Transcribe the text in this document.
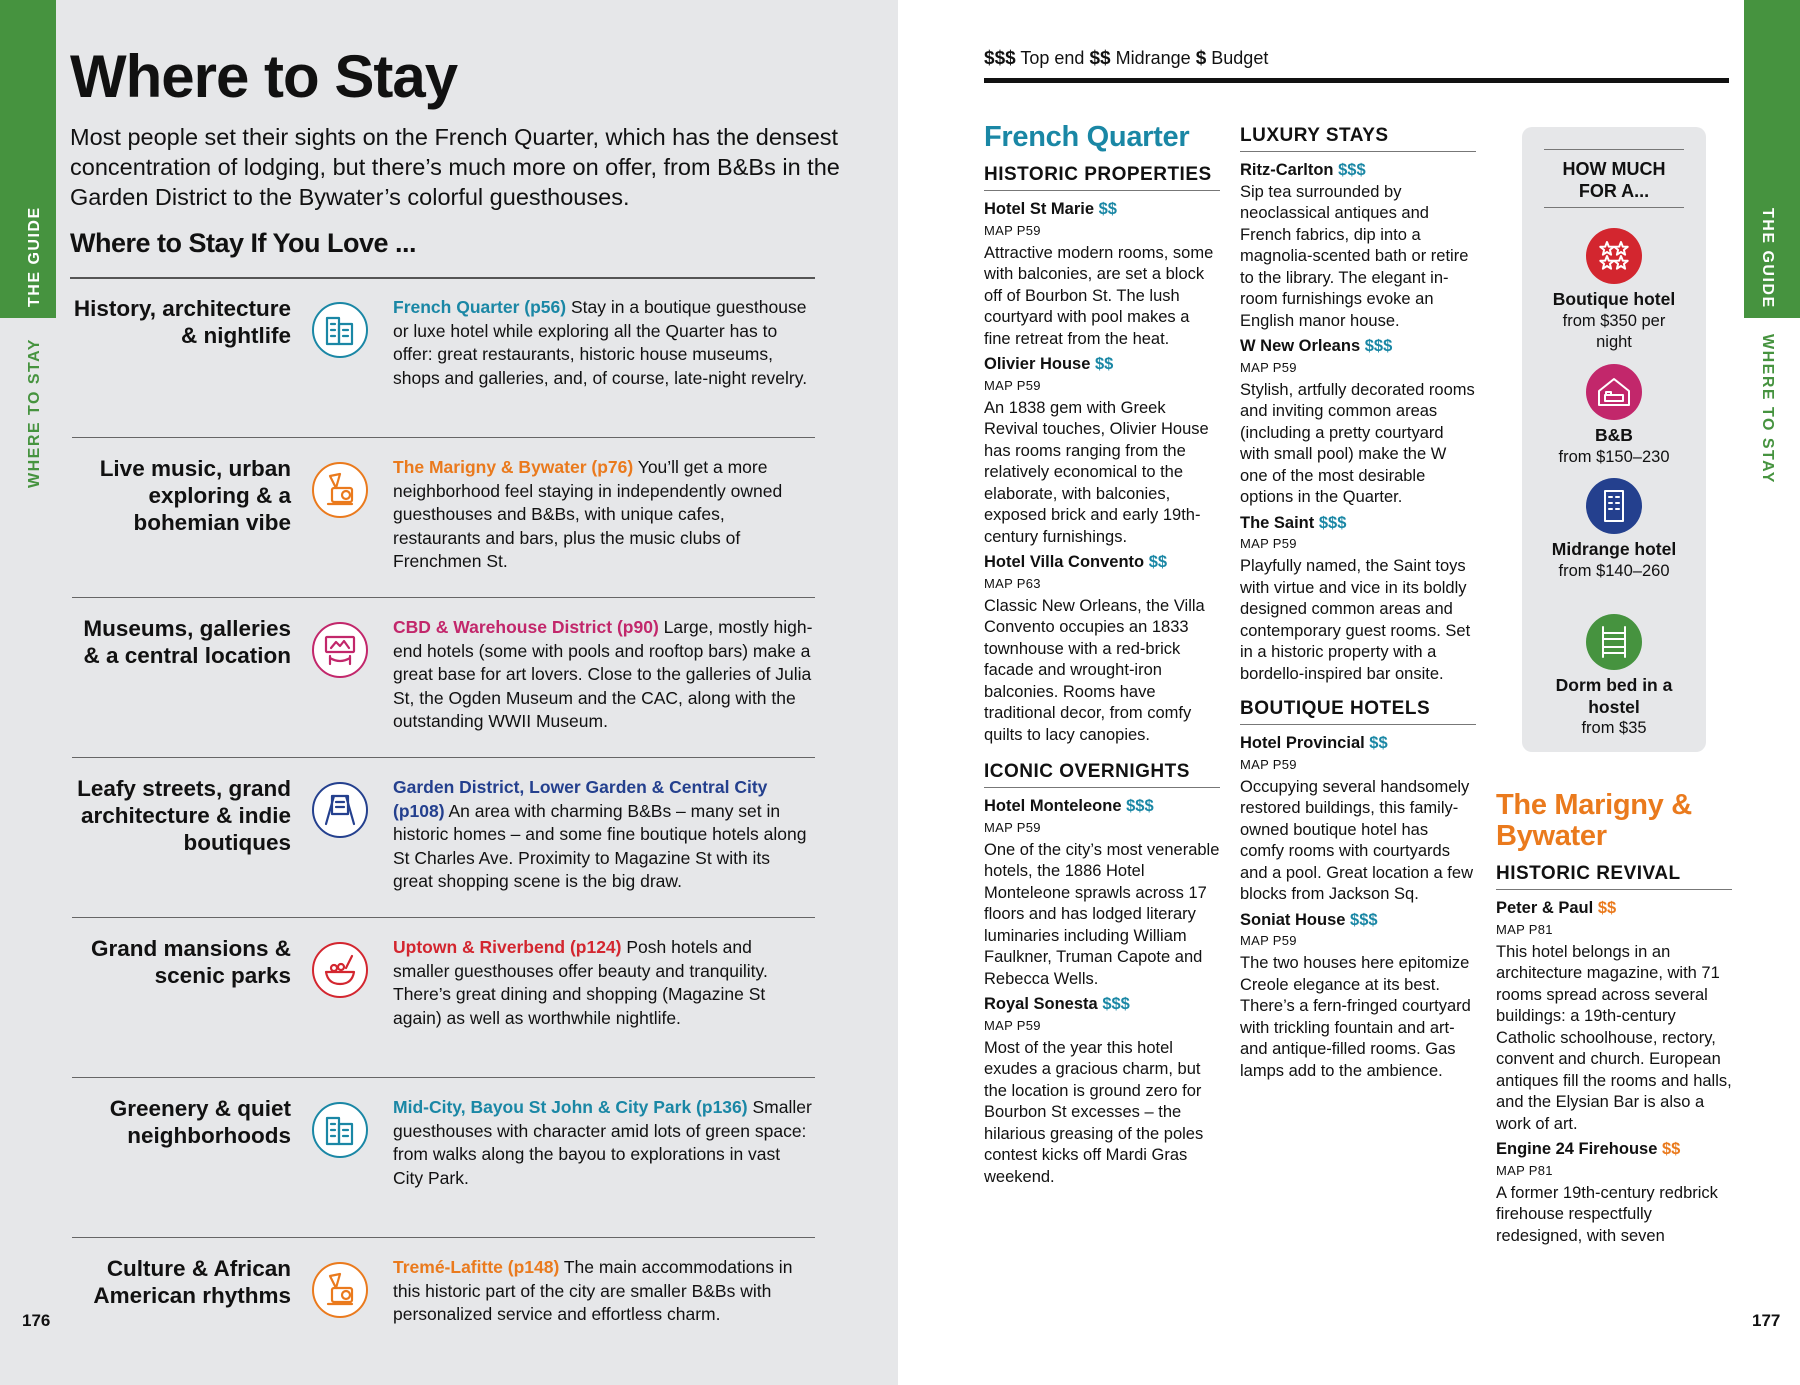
THE GUIDE
WHERE TO STAY
Where to Stay

Most people set their sights on the French Quarter, which has the densest concentration of lodging, but there’s much more on offer, from B&Bs in the Garden District to the Bywater’s colorful guesthouses.

Where to Stay If You Love ...
History, architecture & nightlife
French Quarter (p56) Stay in a boutique guesthouse or luxe hotel while exploring all the Quarter has to offer: great restaurants, historic house museums, shops and galleries, and, of course, late-night revelry.
Live music, urban exploring & a bohemian vibe
The Marigny & Bywater (p76) You’ll get a more neighborhood feel staying in independently owned guesthouses and B&Bs, with unique cafes, restaurants and bars, plus the music clubs of Frenchmen St.
Museums, galleries & a central location
CBD & Warehouse District (p90) Large, mostly high-end hotels (some with pools and rooftop bars) make a great base for art lovers. Close to the galleries of Julia St, the Ogden Museum and the CAC, along with the outstanding WWII Museum.
Leafy streets, grand architecture & indie boutiques
Garden District, Lower Garden & Central City (p108) An area with charming B&Bs – many set in historic homes – and some fine boutique hotels along St Charles Ave. Proximity to Magazine St with its great shopping scene is the big draw.
Grand mansions & scenic parks
Uptown & Riverbend (p124) Posh hotels and smaller guesthouses offer beauty and tranquility. There’s great dining and shopping (Magazine St again) as well as worthwhile nightlife.
Greenery & quiet neighborhoods
Mid-City, Bayou St John & City Park (p136) Smaller guesthouses with character amid lots of green space: from walks along the bayou to explorations in vast City Park.
Culture & African American rhythms
Tremé-Lafitte (p148) The main accommodations in this historic part of the city are smaller B&Bs with personalized service and effortless charm.
176
$$$ Top end $$ Midrange $ Budget
French Quarter
HISTORIC PROPERTIES
Hotel St Marie $$
MAP P59
Attractive modern rooms, some with balconies, are set a block off of Bourbon St. The lush courtyard with pool makes a fine retreat from the heat.
Olivier House $$
MAP P59
An 1838 gem with Greek Revival touches, Olivier House has rooms ranging from the relatively economical to the elaborate, with balconies, exposed brick and early 19th-century furnishings.
Hotel Villa Convento $$
MAP P63
Classic New Orleans, the Villa Convento occupies an 1833 townhouse with a red-brick facade and wrought-iron balconies. Rooms have traditional decor, from comfy quilts to lacy canopies.
ICONIC OVERNIGHTS
Hotel Monteleone $$$
MAP P59
One of the city’s most venerable hotels, the 1886 Hotel Monteleone sprawls across 17 floors and has lodged literary luminaries including William Faulkner, Truman Capote and Rebecca Wells.
Royal Sonesta $$$
MAP P59
Most of the year this hotel exudes a gracious charm, but the location is ground zero for Bourbon St excesses – the hilarious greasing of the poles contest kicks off Mardi Gras weekend.
LUXURY STAYS
Ritz-Carlton $$$
Sip tea surrounded by neoclassical antiques and French fabrics, dip into a magnolia-scented bath or retire to the library. The elegant in-room furnishings evoke an English manor house.
W New Orleans $$$
MAP P59
Stylish, artfully decorated rooms and inviting common areas (including a pretty courtyard with small pool) make the W one of the most desirable options in the Quarter.
The Saint $$$
MAP P59
Playfully named, the Saint toys with virtue and vice in its boldly designed common areas and contemporary guest rooms. Set in a historic property with a bordello-inspired bar onsite.
BOUTIQUE HOTELS
Hotel Provincial $$
MAP P59
Occupying several handsomely restored buildings, this family-owned boutique hotel has comfy rooms with courtyards and a pool. Great location a few blocks from Jackson Sq.
Soniat House $$$
MAP P59
The two houses here epitomize Creole elegance at its best. There’s a fern-fringed courtyard with trickling fountain and art- and antique-filled rooms. Gas lamps add to the ambience.
HOW MUCH FOR A...
Boutique hotel
from $350 per night
B&B
from $150–230
Midrange hotel
from $140–260
Dorm bed in a hostel
from $35
The Marigny & Bywater
HISTORIC REVIVAL
Peter & Paul $$
MAP P81
This hotel belongs in an architecture magazine, with 71 rooms spread across several buildings: a 19th-century Catholic schoolhouse, rectory, convent and church. European antiques fill the rooms and halls, and the Elysian Bar is also a work of art.
Engine 24 Firehouse $$
MAP P81
A former 19th-century redbrick firehouse respectfully redesigned, with seven
THE GUIDE
WHERE TO STAY
177
